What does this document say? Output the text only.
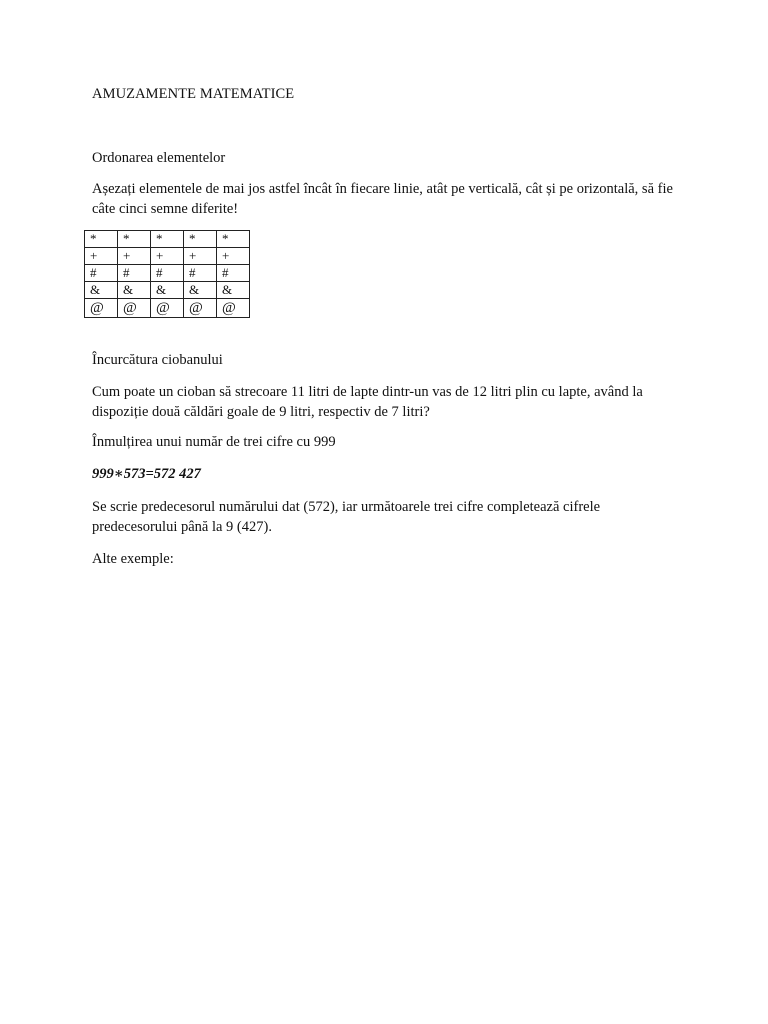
AMUZAMENTE MATEMATICE
Ordonarea elementelor
Așezați elementele de mai jos astfel încât în fiecare linie, atât pe verticală, cât și pe orizontală, să fie câte cinci semne diferite!
*	*	*	*	*
+	+	+	+	+
#	#	#	#	#
&	&	&	&	&
@	@	@	@	@
Încurcătura ciobanului
Cum poate un cioban să strecoare 11 litri de lapte dintr-un vas de 12 litri plin cu lapte, având la dispoziție două căldări goale de 9 litri, respectiv de 7 litri?
Înmulțirea unui număr de trei cifre cu 999
999∗573=572 427
Se scrie predecesorul numărului dat (572), iar următoarele trei cifre completează cifrele predecesorului până la 9 (427).
Alte exemple:
